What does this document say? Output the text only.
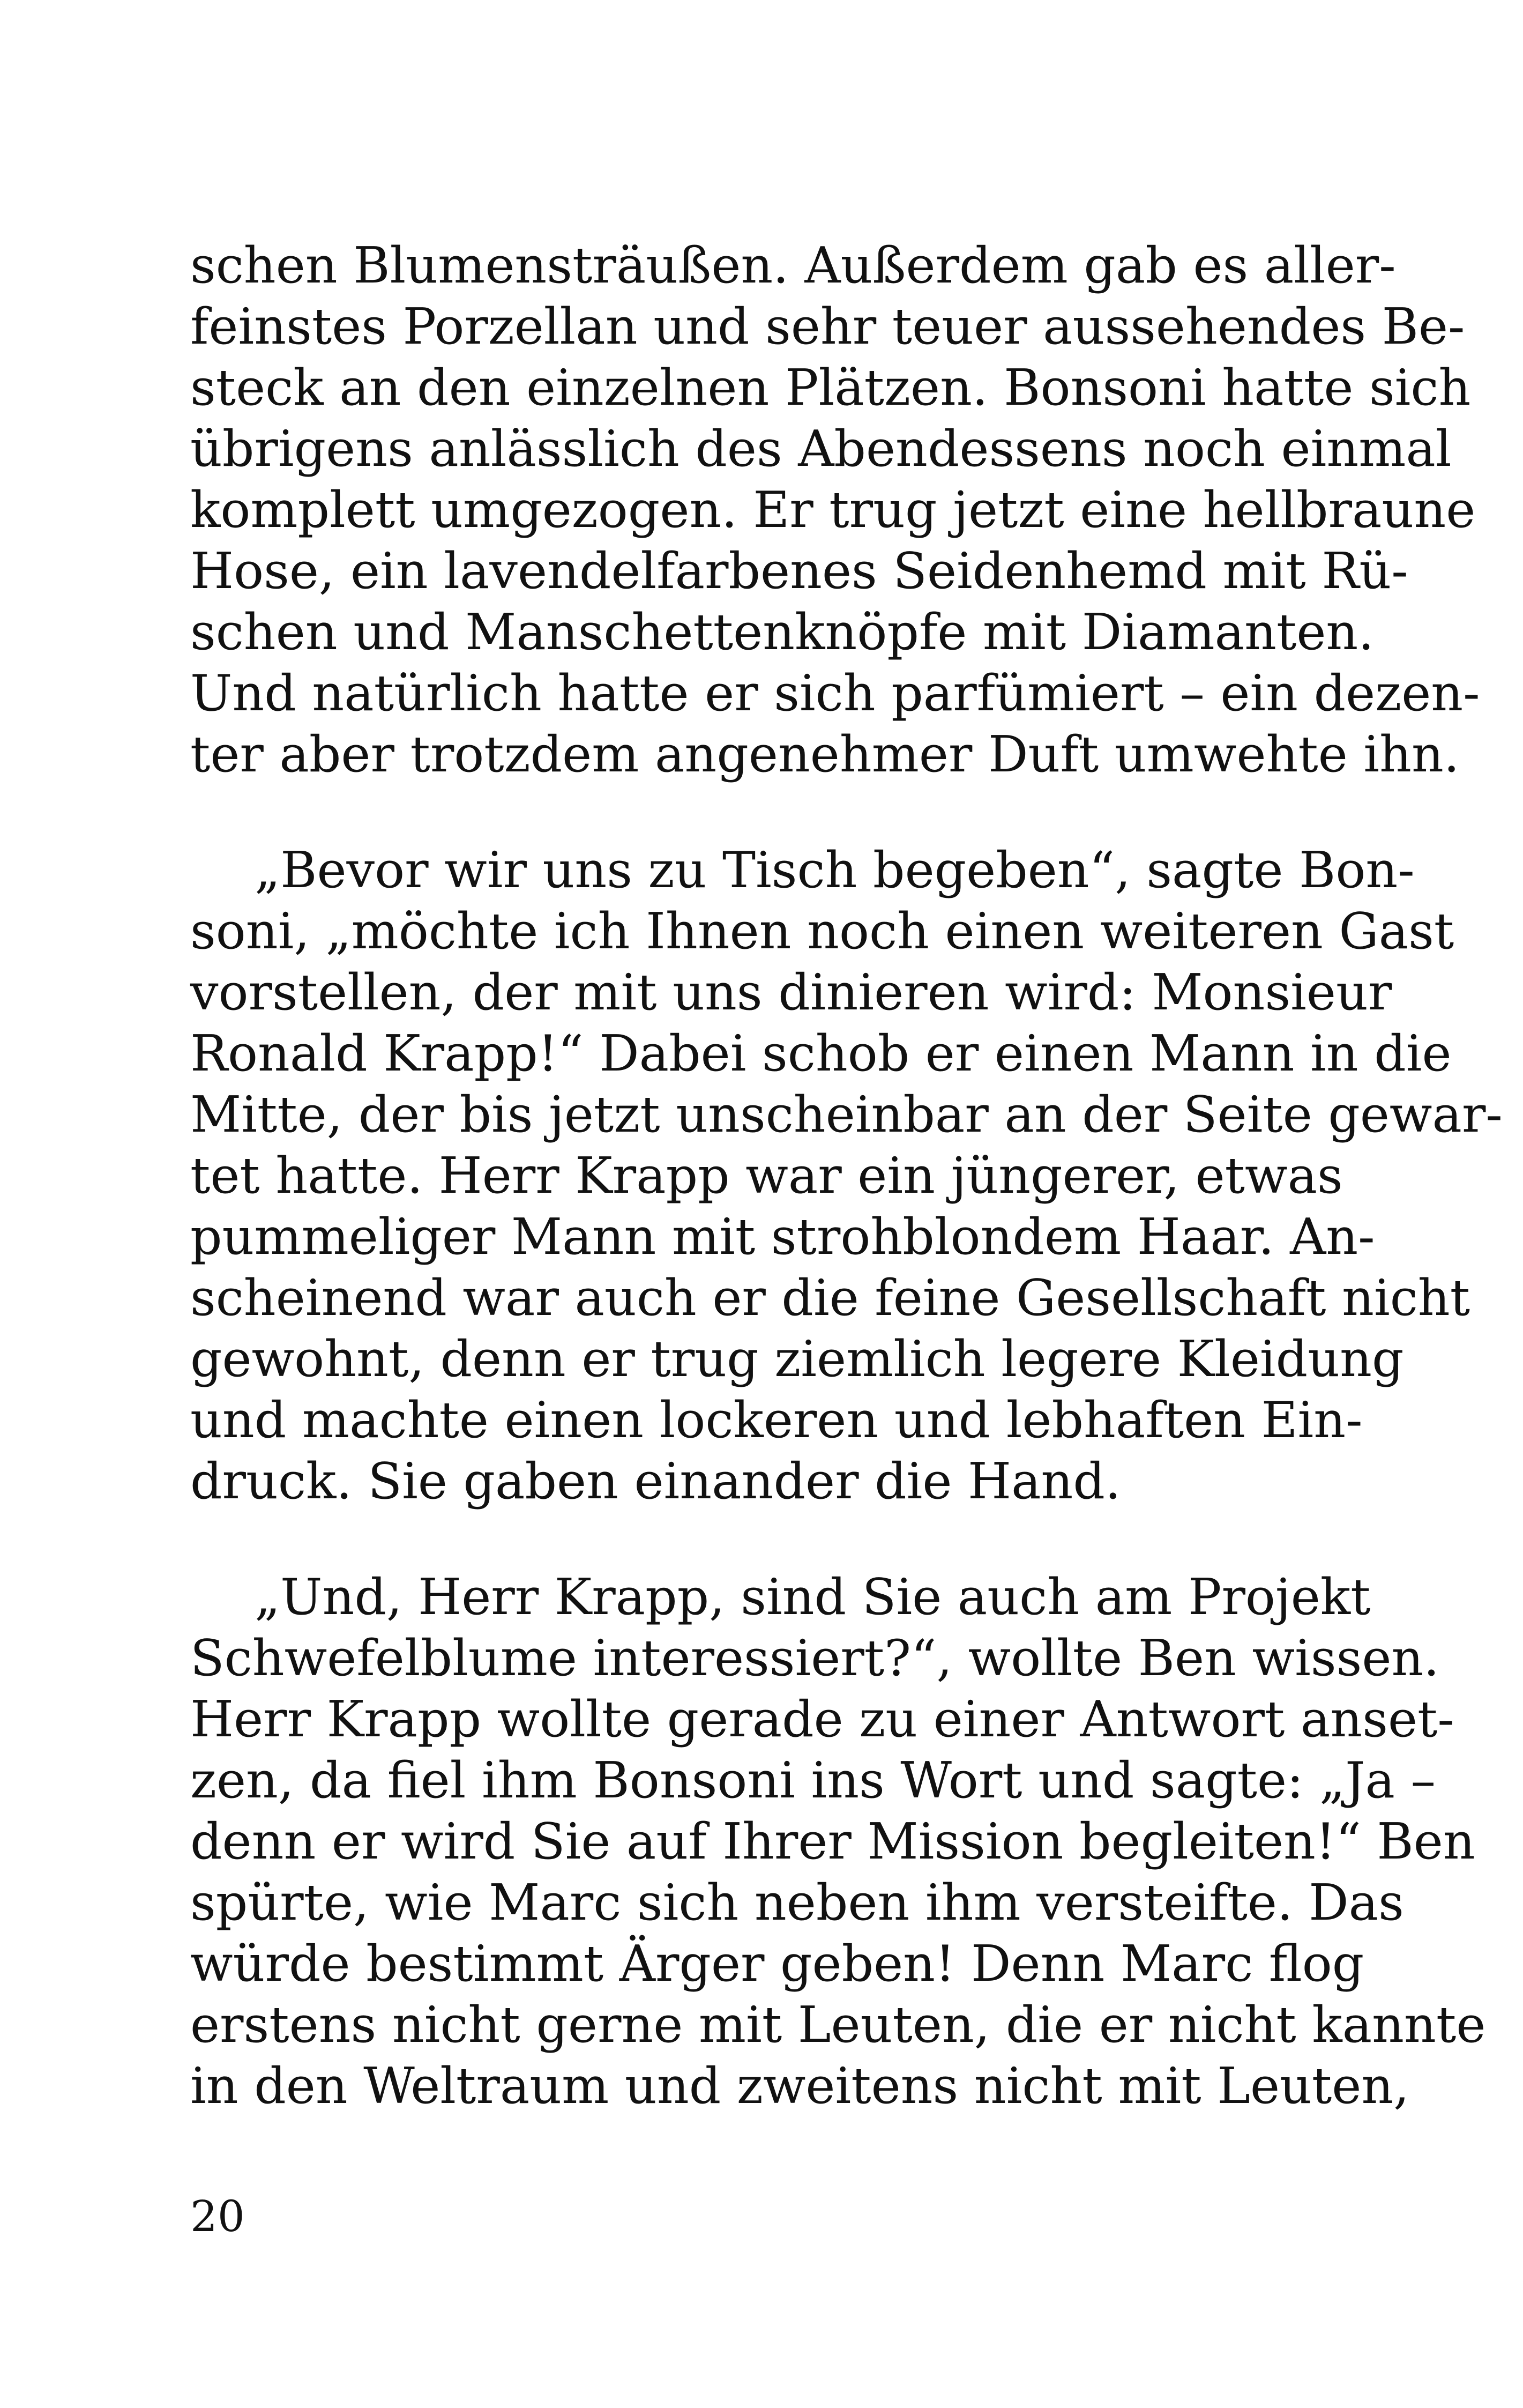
schen Blumensträußen. Außerdem gab es aller-
feinstes Porzellan und sehr teuer aussehendes Be-
steck an den einzelnen Plätzen. Bonsoni hatte sich
übrigens anlässlich des Abendessens noch einmal
komplett umgezogen. Er trug jetzt eine hellbraune
Hose, ein lavendelfarbenes Seidenhemd mit Rü-
schen und Manschettenknöpfe mit Diamanten.
Und natürlich hatte er sich parfümiert – ein dezen-
ter aber trotzdem angenehmer Duft umwehte ihn.
„Bevor wir uns zu Tisch begeben“, sagte Bon-
soni, „möchte ich Ihnen noch einen weiteren Gast
vorstellen, der mit uns dinieren wird: Monsieur
Ronald Krapp!“ Dabei schob er einen Mann in die
Mitte, der bis jetzt unscheinbar an der Seite gewar-
tet hatte. Herr Krapp war ein jüngerer, etwas
pummeliger Mann mit strohblondem Haar. An-
scheinend war auch er die feine Gesellschaft nicht
gewohnt, denn er trug ziemlich legere Kleidung
und machte einen lockeren und lebhaften Ein-
druck. Sie gaben einander die Hand.
„Und, Herr Krapp, sind Sie auch am Projekt
Schwefelblume interessiert?“, wollte Ben wissen.
Herr Krapp wollte gerade zu einer Antwort anset-
zen, da fiel ihm Bonsoni ins Wort und sagte: „Ja –
denn er wird Sie auf Ihrer Mission begleiten!“ Ben
spürte, wie Marc sich neben ihm versteifte. Das
würde bestimmt Ärger geben! Denn Marc flog
erstens nicht gerne mit Leuten, die er nicht kannte
in den Weltraum und zweitens nicht mit Leuten,
20
